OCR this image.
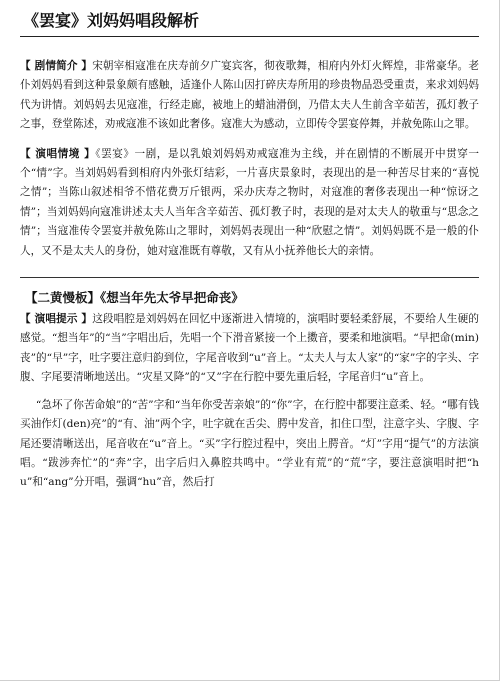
《罢宴》刘妈妈唱段解析

【 剧情简介 】宋朝宰相寇准在庆寿前夕广宴宾客，彻夜歌舞，相府内外灯火辉煌，非常豪华。老仆刘妈妈看到这种景象颇有感触，适逢仆人陈山因打碎庆寿所用的珍贵物品恐受重责，来求刘妈妈代为讲情。刘妈妈去见寇准，行经走廊，被地上的蜡油滑倒，乃借太夫人生前含辛茹苦，孤灯教子之事，登堂陈述，劝戒寇准不该如此奢侈。寇准大为感动，立即传令罢宴停舞，并赦免陈山之罪。

【 演唱情境 】《罢宴》一剧，是以乳娘刘妈妈劝戒寇准为主线，并在剧情的不断展开中贯穿一个“情”字。当刘妈妈看到相府内外张灯结彩，一片喜庆景象时，表现出的是一种苦尽甘来的“喜悦之情”；当陈山叙述相爷不惜花费万斤银两，采办庆寿之物时，对寇准的奢侈表现出一种“惊讶之情”；当刘妈妈向寇准讲述太夫人当年含辛茹苦、孤灯教子时，表现的是对太夫人的敬重与“思念之情”；当寇准传令罢宴并赦免陈山之罪时，刘妈妈表现出一种“欣慰之情”。刘妈妈既不是一般的仆人，又不是太夫人的身份，她对寇准既有尊敬，又有从小抚养他长大的亲情。

【二黄慢板】《想当年先太爷早把命丧》

【 演唱提示 】这段唱腔是刘妈妈在回忆中逐渐进入情境的，演唱时要轻柔舒展，不要给人生硬的感觉。“想当年”的“当”字唱出后，先唱一个下滑音紧接一个上擞音，要柔和地演唱。“早把命(min)丧”的“早”字，吐字要注意归韵到位，字尾音收到“u”音上。“太夫人与太人家”的“家”字的字头、字腹、字尾要清晰地送出。“灾星又降”的“又”字在行腔中要先重后轻，字尾音归“u”音上。

“急坏了你苦命娘”的“苦”字和“当年你受苦亲娘”的“你”字，在行腔中都要注意柔、轻。“哪有钱买油作灯(den)亮”的“有、油”两个字，吐字就在舌尖、腭中发音，扣住口型，注意字头、字腹、字尾还要清晰送出，尾音收在“u”音上。“买”字行腔过程中，突出上腭音。“灯”字用“提气”的方法演唱。“跋涉奔忙”的“奔”字，出字后归入鼻腔共鸣中。“学业有荒”的“荒”字，要注意演唱时把“hu”和“ang”分开唱，强调“hu”音，然后打
